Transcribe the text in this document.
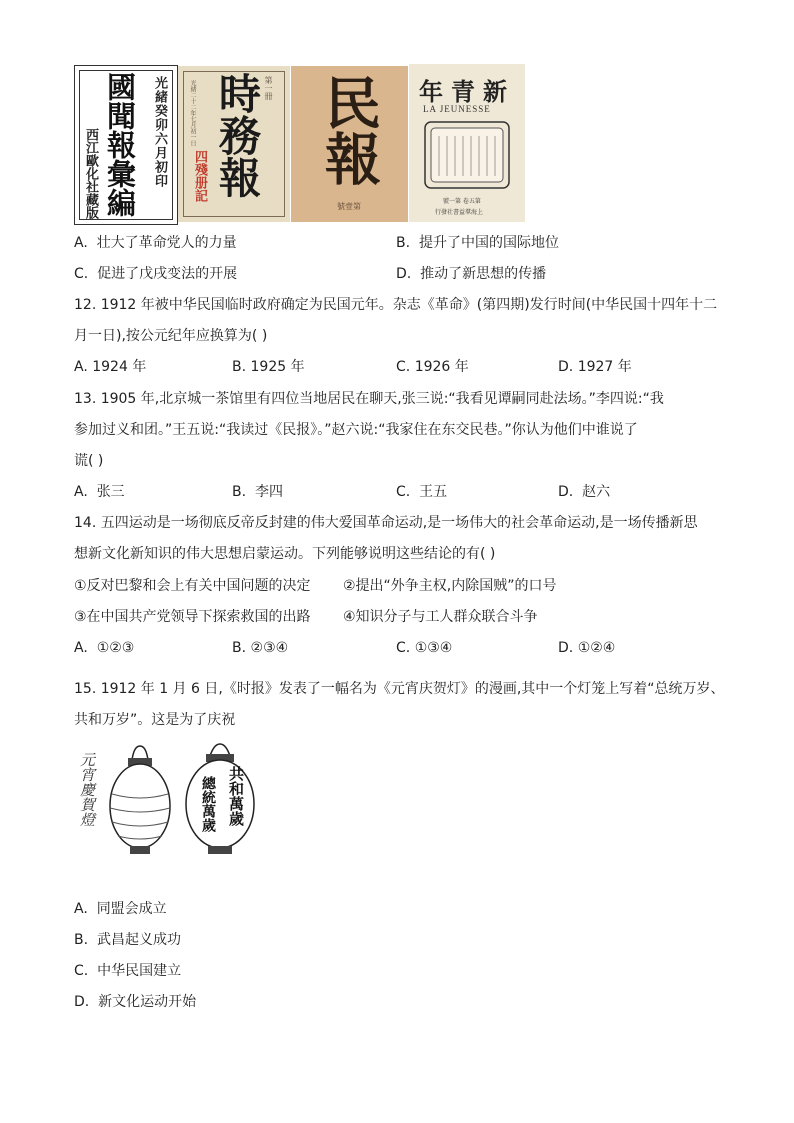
光緒癸卯六月初印
國聞報彙編
西江歐化社藏版
第一冊
光緒二十二年七月初一日 時務報
四殘册記 民報
號壹第
年青新
LA JEUNESSE
號一第 卷五第
行發社書益羣海上
A. 壮大了革命党人的力量	B. 提升了中国的国际地位
C. 促进了戊戌变法的开展	D. 推动了新思想的传播
12. 1912 年被中华民国临时政府确定为民国元年。杂志《革命》(第四期)发行时间(中华民国十四年十二
月一日),按公元纪年应换算为( )
A. 1924 年	B. 1925 年	C. 1926 年	D. 1927 年
13. 1905 年,北京城一茶馆里有四位当地居民在聊天,张三说:“我看见谭嗣同赴法场。”李四说:“我
参加过义和团。”王五说:“我读过《民报》。”赵六说:“我家住在东交民巷。”你认为他们中谁说了
谎( )
A. 张三	B. 李四	C. 王五	D. 赵六
14. 五四运动是一场彻底反帝反封建的伟大爱国革命运动,是一场伟大的社会革命运动,是一场传播新思
想新文化新知识的伟大思想启蒙运动。下列能够说明这些结论的有( )
①反对巴黎和会上有关中国问题的决定 ②提出“外争主权,内除国贼”的口号
③在中国共产党领导下探索救国的出路 ④知识分子与工人群众联合斗争
A. ①②③	B. ②③④	C. ①③④	D. ①②④
15. 1912 年 1 月 6 日,《时报》发表了一幅名为《元宵庆贺灯》的漫画,其中一个灯笼上写着“总统万岁、
共和万岁”。这是为了庆祝
元宵慶賀燈	共和萬歲
總統萬歲
A. 同盟会成立
B. 武昌起义成功
C. 中华民国建立
D. 新文化运动开始
